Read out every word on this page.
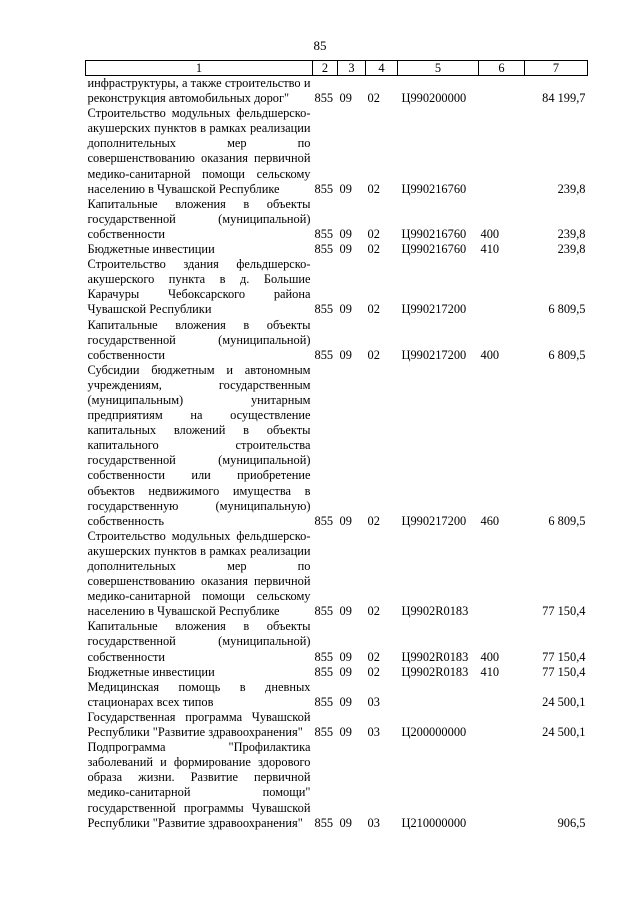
85
1	2	3	4	5	6	7
инфраструктуры, а также строительство и реконструкция автомобильных дорог"	855	09	02	Ц990200000		84 199,7
Строительство модульных фельдшерско-акушерских пунктов в рамках реализации дополнительных мер по совершенствованию оказания первичной медико-санитарной помощи сельскому населению в Чувашской Республике	855	09	02	Ц990216760		239,8
Капитальные вложения в объекты государственной (муниципальной) собственности	855	09	02	Ц990216760	400	239,8
Бюджетные инвестиции	855	09	02	Ц990216760	410	239,8
Строительство здания фельдшерско-акушерского пункта в д. Большие Карачуры Чебоксарского района Чувашской Республики	855	09	02	Ц990217200		6 809,5
Капитальные вложения в объекты государственной (муниципальной) собственности	855	09	02	Ц990217200	400	6 809,5
Субсидии бюджетным и автономным учреждениям, государственным (муниципальным) унитарным предприятиям на осуществление капитальных вложений в объекты капитального строительства государственной (муниципальной) собственности или приобретение объектов недвижимого имущества в государственную (муниципальную) собственность	855	09	02	Ц990217200	460	6 809,5
Строительство модульных фельдшерско-акушерских пунктов в рамках реализации дополнительных мер по совершенствованию оказания первичной медико-санитарной помощи сельскому населению в Чувашской Республике	855	09	02	Ц9902R0183		77 150,4
Капитальные вложения в объекты государственной (муниципальной) собственности	855	09	02	Ц9902R0183	400	77 150,4
Бюджетные инвестиции	855	09	02	Ц9902R0183	410	77 150,4
Медицинская помощь в дневных стационарах всех типов	855	09	03			24 500,1
Государственная программа Чувашской Республики "Развитие здравоохранения"	855	09	03	Ц200000000		24 500,1
Подпрограмма "Профилактика заболеваний и формирование здорового образа жизни. Развитие первичной медико-санитарной помощи" государственной программы Чувашской Республики "Развитие здравоохранения"	855	09	03	Ц210000000		906,5
